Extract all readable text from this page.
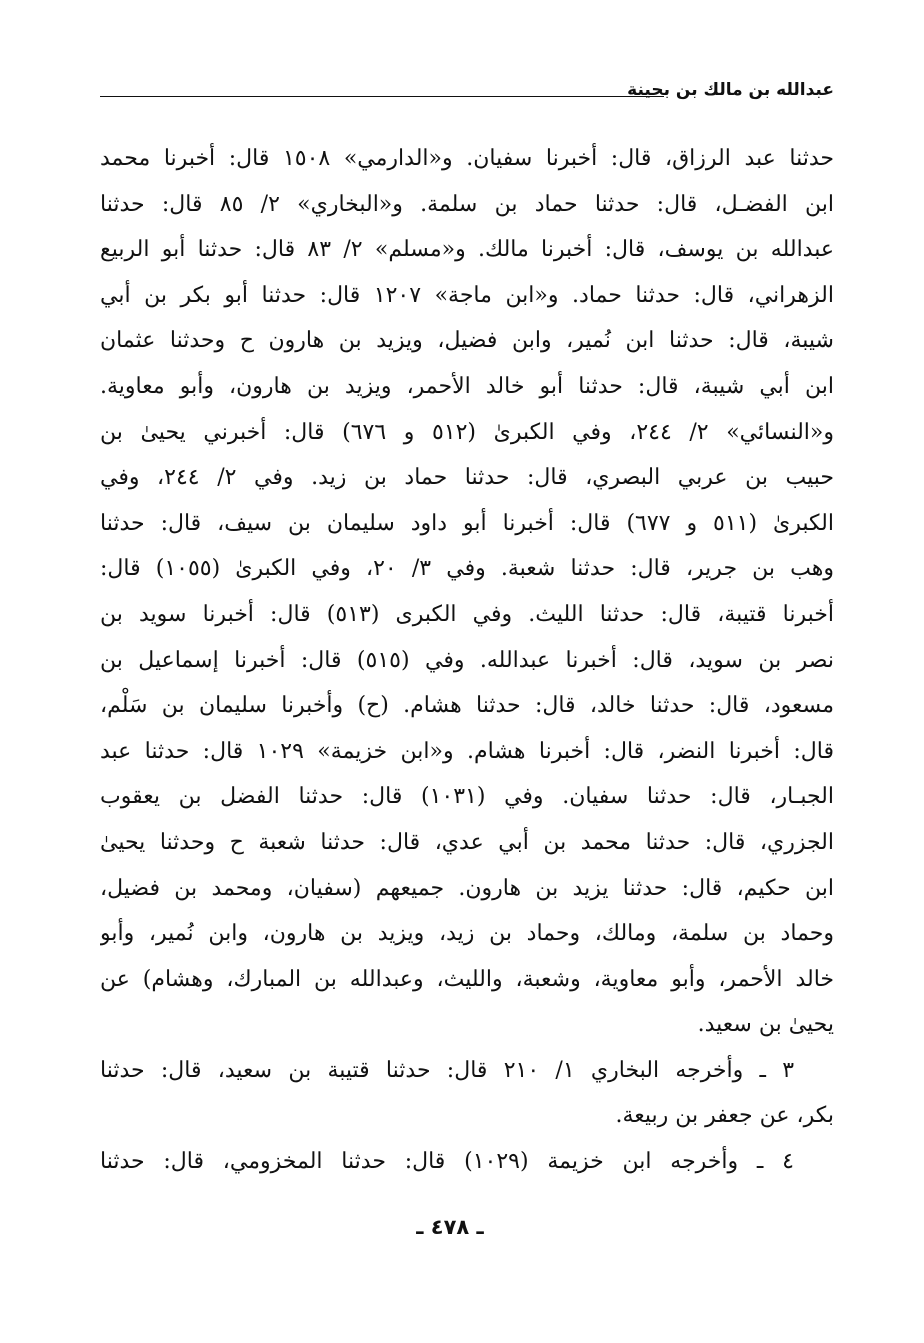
عبدالله بن مالك بن بحينة
حدثنا عبد الرزاق، قال: أخبرنا سفيان. و«الدارمي» ١٥٠٨ قال: أخبرنا محمد
ابن الفضـل، قال: حدثنا حماد بن سلمة. و«البخاري» ٢/ ٨٥ قال: حدثنا
عبدالله بن يوسف، قال: أخبرنا مالك. و«مسلم» ٢/ ٨٣ قال: حدثنا أبو الربيع
الزهراني، قال: حدثنا حماد. و«ابن ماجة» ١٢٠٧ قال: حدثنا أبو بكر بن أبي
شيبة، قال: حدثنا ابن نُمير، وابن فضيل، ويزيد بن هارون ح وحدثنا عثمان
ابن أبي شيبة، قال: حدثنا أبو خالد الأحمر، ويزيد بن هارون، وأبو معاوية.
و«النسائي» ٢/ ٢٤٤، وفي الكبرىٰ (٥١٢ و ٦٧٦) قال: أخبرني يحيىٰ بن
حبيب بن عربي البصري، قال: حدثنا حماد بن زيد. وفي ٢/ ٢٤٤، وفي
الكبرىٰ (٥١١ و ٦٧٧) قال: أخبرنا أبو داود سليمان بن سيف، قال: حدثنا
وهب بن جرير، قال: حدثنا شعبة. وفي ٣/ ٢٠، وفي الكبرىٰ (١٠٥٥) قال:
أخبرنا قتيبة، قال: حدثنا الليث. وفي الكبرى (٥١٣) قال: أخبرنا سويد بن
نصر بن سويد، قال: أخبرنا عبدالله. وفي (٥١٥) قال: أخبرنا إسماعيل بن
مسعود، قال: حدثنا خالد، قال: حدثنا هشام. (ح) وأخبرنا سليمان بن سَلْم،
قال: أخبرنا النضر، قال: أخبرنا هشام. و«ابن خزيمة» ١٠٢٩ قال: حدثنا عبد
الجبـار، قال: حدثنا سفيان. وفي (١٠٣١) قال: حدثنا الفضل بن يعقوب
الجزري، قال: حدثنا محمد بن أبي عدي، قال: حدثنا شعبة ح وحدثنا يحيىٰ
ابن حكيم، قال: حدثنا يزيد بن هارون. جميعهم (سفيان، ومحمد بن فضيل،
وحماد بن سلمة، ومالك، وحماد بن زيد، ويزيد بن هارون، وابن نُمير، وأبو
خالد الأحمر، وأبو معاوية، وشعبة، والليث، وعبدالله بن المبارك، وهشام) عن
يحيىٰ بن سعيد.
٣ ـ وأخرجه البخاري ١/ ٢١٠ قال: حدثنا قتيبة بن سعيد، قال: حدثنا
بكر، عن جعفر بن ربيعة.
٤ ـ وأخرجه ابن خزيمة (١٠٢٩) قال: حدثنا المخزومي، قال: حدثنا
ـ ٤٧٨ ـ
